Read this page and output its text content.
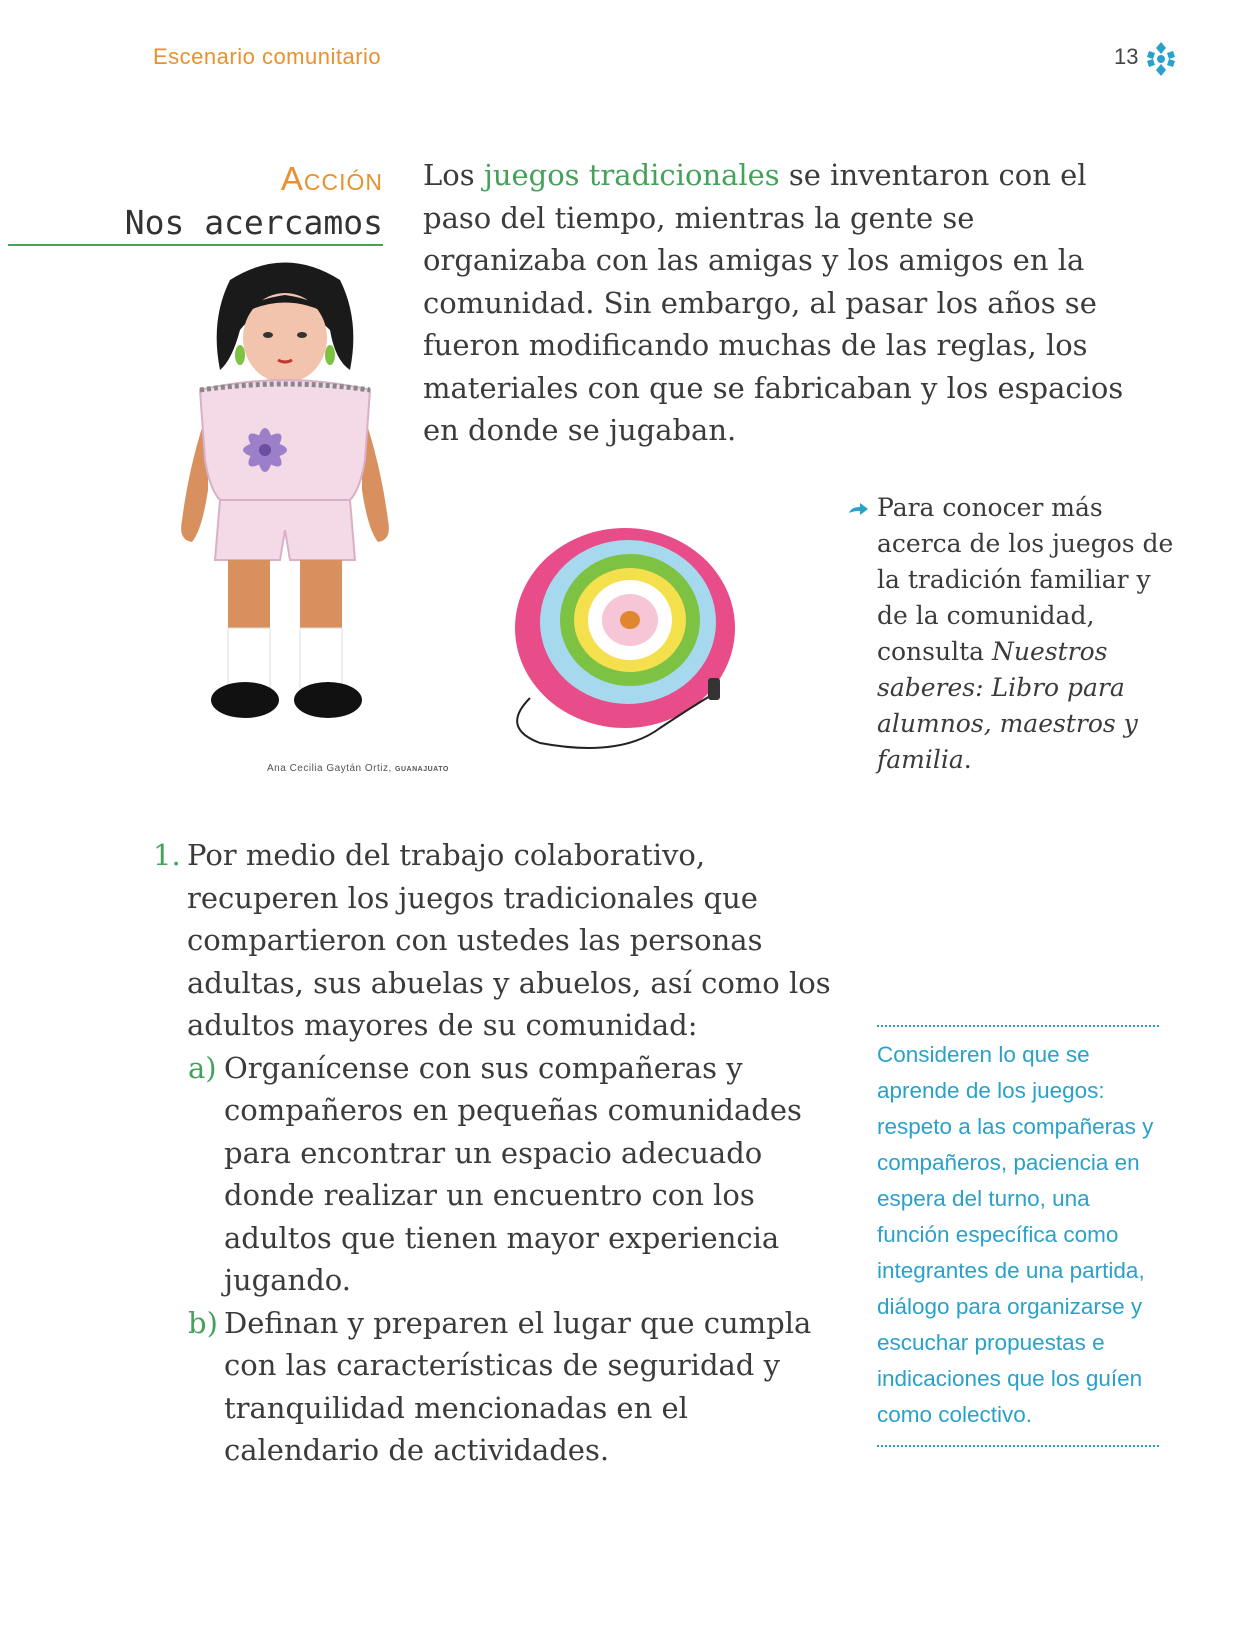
Escenario comunitario	13
Acción
Nos acercamos
Los juegos tradicionales se inventaron con el paso del tiempo, mientras la gente se organizaba con las amigas y los amigos en la comunidad. Sin embargo, al pasar los años se fueron modificando muchas de las reglas, los materiales con que se fabricaban y los espacios en donde se jugaban.
Ana Cecilia Gaytán Ortiz, GUANAJUATO
Para conocer más acerca de los juegos de la tradición familiar y de la comunidad, consulta Nuestros saberes: Libro para alumnos, maestros y familia.
1. Por medio del trabajo colaborativo, recuperen los juegos tradicionales que compartieron con ustedes las personas adultas, sus abuelas y abuelos, así como los adultos mayores de su comunidad:
a) Organícense con sus compañeras y compañeros en pequeñas comunidades para encontrar un espacio adecuado donde realizar un encuentro con los adultos que tienen mayor experiencia jugando.
b) Definan y preparen el lugar que cumpla con las características de seguridad y tranquilidad mencionadas en el calendario de actividades.
Consideren lo que se aprende de los juegos: respeto a las compañeras y compañeros, paciencia en espera del turno, una función específica como integrantes de una partida, diálogo para organizarse y escuchar propuestas e indicaciones que los guíen como colectivo.
